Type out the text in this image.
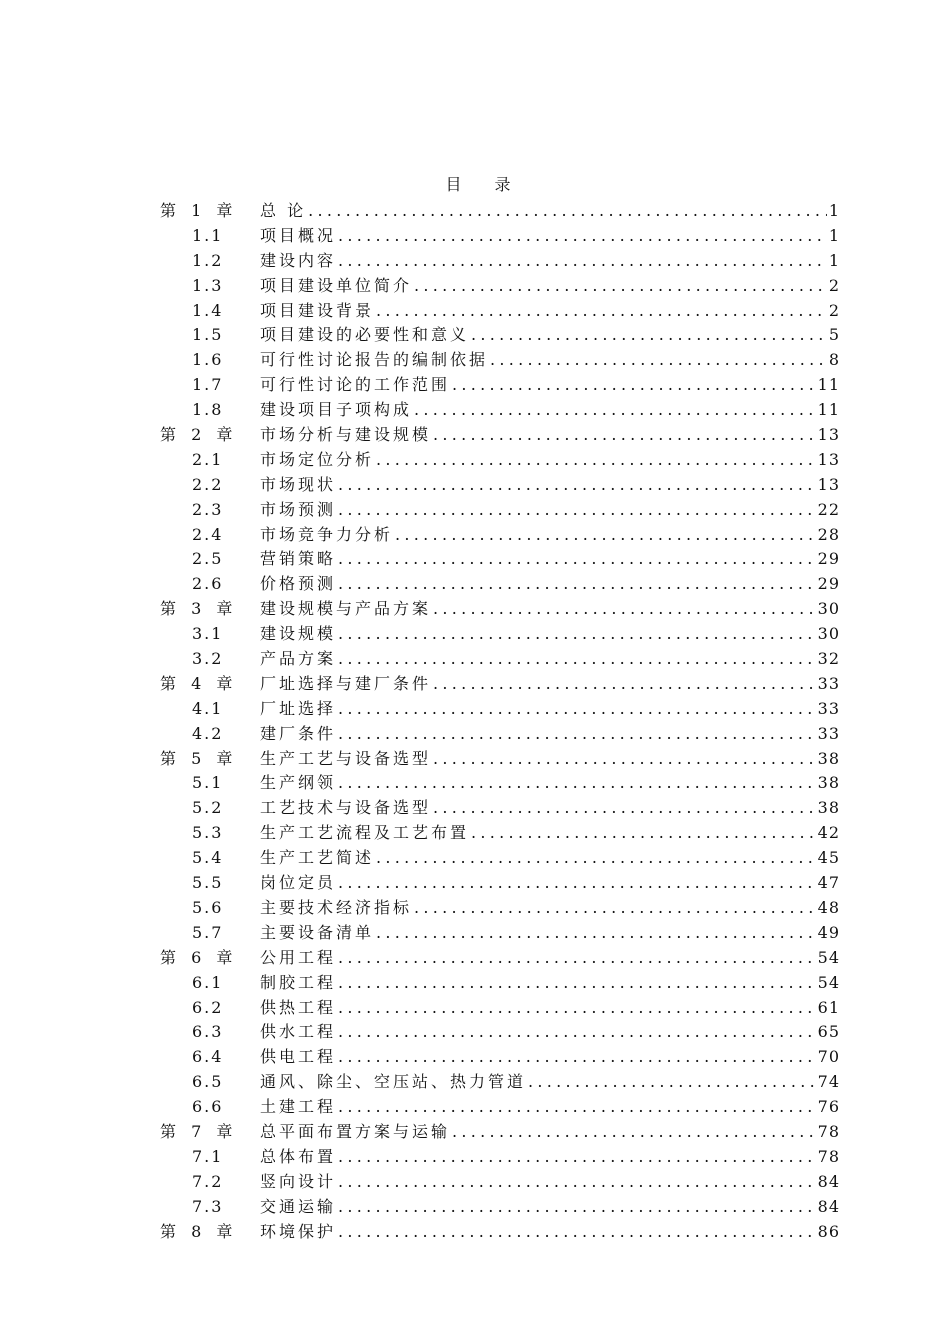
目 录
第 1 章	总 论 .....	1
1.1	项目概况 .....	1
1.2	建设内容 .....	1
1.3	项目建设单位简介 .....	2
1.4	项目建设背景 .....	2
1.5	项目建设的必要性和意义 .....	5
1.6	可行性讨论报告的编制依据 .....	8
1.7	可行性讨论的工作范围 .....	11
1.8	建设项目子项构成 .....	11
第 2 章	市场分析与建设规模 .....	13
2.1	市场定位分析 .....	13
2.2	市场现状 .....	13
2.3	市场预测 .....	22
2.4	市场竞争力分析 .....	28
2.5	营销策略 .....	29
2.6	价格预测 .....	29
第 3 章	建设规模与产品方案 .....	30
3.1	建设规模 .....	30
3.2	产品方案 .....	32
第 4 章	厂址选择与建厂条件 .....	33
4.1	厂址选择 .....	33
4.2	建厂条件 .....	33
第 5 章	生产工艺与设备选型 .....	38
5.1	生产纲领 .....	38
5.2	工艺技术与设备选型 .....	38
5.3	生产工艺流程及工艺布置 .....	42
5.4	生产工艺简述 .....	45
5.5	岗位定员 .....	47
5.6	主要技术经济指标 .....	48
5.7	主要设备清单 .....	49
第 6 章	公用工程 .....	54
6.1	制胶工程 .....	54
6.2	供热工程 .....	61
6.3	供水工程 .....	65
6.4	供电工程 .....	70
6.5	通风、除尘、空压站、热力管道 .....	74
6.6	土建工程 .....	76
第 7 章	总平面布置方案与运输 .....	78
7.1	总体布置 .....	78
7.2	竖向设计 .....	84
7.3	交通运输 .....	84
第 8 章	环境保护 .....	86
